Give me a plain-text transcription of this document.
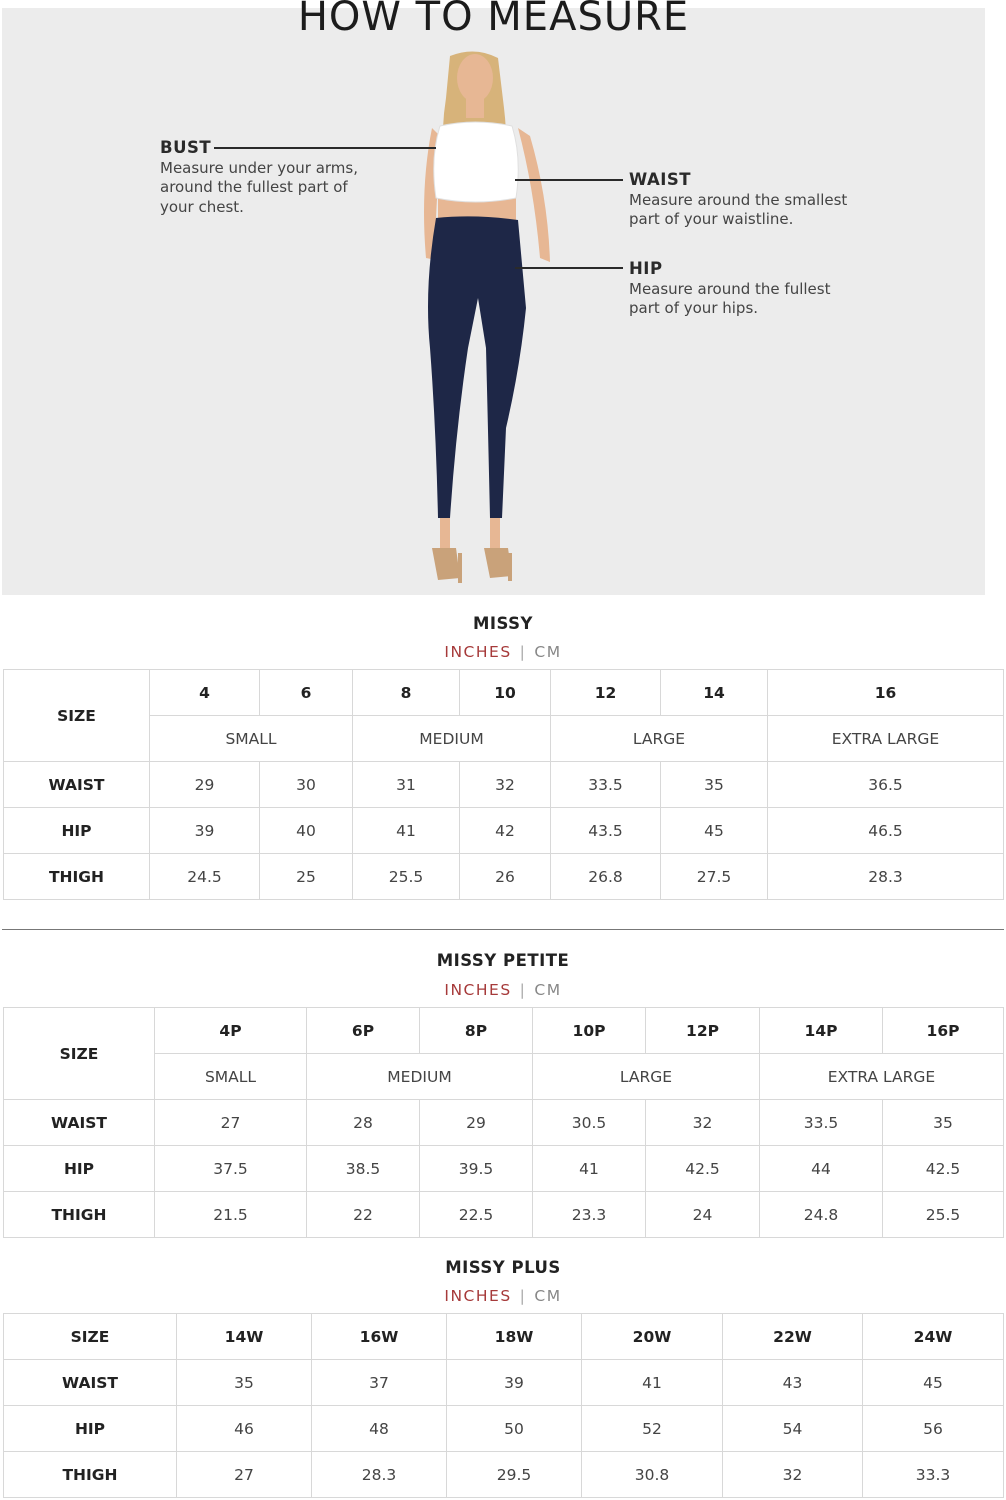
HOW TO MEASURE
BUST
Measure under your arms, around the fullest part of your chest.
WAIST
Measure around the smallest part of your waistline.
HIP
Measure around the fullest part of your hips.
MISSY
INCHES | CM
SIZE	4	6	8	10	12	14	16
	SMALL		MEDIUM		LARGE		EXTRA LARGE
WAIST	29	30	31	32	33.5	35	36.5
HIP	39	40	41	42	43.5	45	46.5
THIGH	24.5	25	25.5	26	26.8	27.5	28.3
MISSY PETITE
INCHES | CM
SIZE	4P	6P	8P	10P	12P	14P	16P
	SMALL	MEDIUM		LARGE		EXTRA LARGE	
WAIST	27	28	29	30.5	32	33.5	35
HIP	37.5	38.5	39.5	41	42.5	44	42.5
THIGH	21.5	22	22.5	23.3	24	24.8	25.5
MISSY PLUS
INCHES | CM
SIZE	14W	16W	18W	20W	22W	24W
WAIST	35	37	39	41	43	45
HIP	46	48	50	52	54	56
THIGH	27	28.3	29.5	30.8	32	33.3
